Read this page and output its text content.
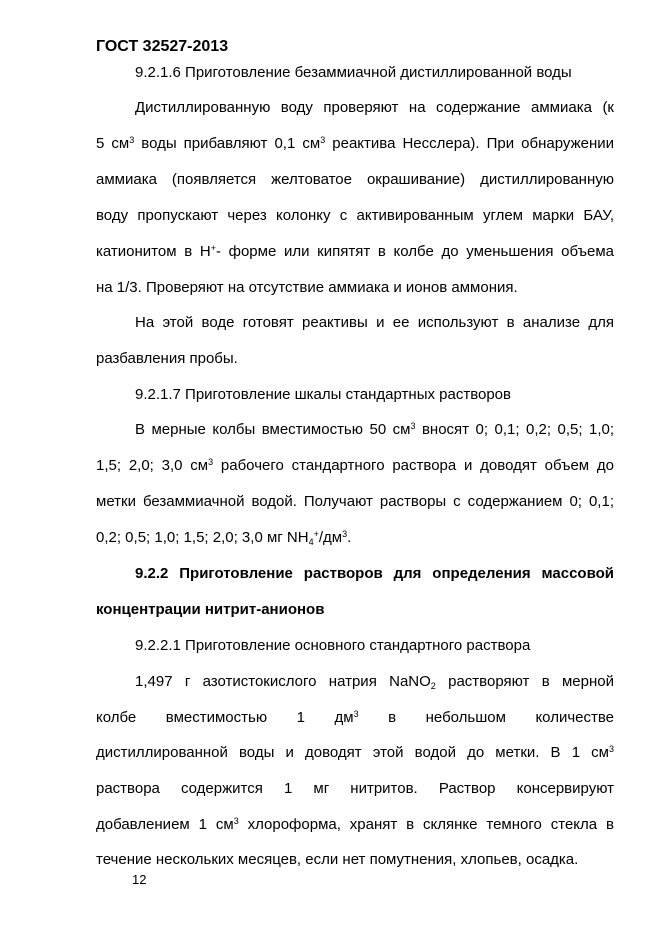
ГОСТ 32527-2013
9.2.1.6 Приготовление безаммиачной дистиллированной воды
Дистиллированную воду проверяют на содержание аммиака (к
5 $см^3$ воды прибавляют 0,1 $см^3$ реактива Несслера). При обнаружении
аммиака (появляется желтоватое окрашивание) дистиллированную
воду пропускают через колонку с активированным углем марки БАУ,
катионитом в Н+- форме или кипятят в колбе до уменьшения объема
на 1/3. Проверяют на отсутствие аммиака и ионов аммония.
На этой воде готовят реактивы и ее используют в анализе для
разбавления пробы.
9.2.1.7 Приготовление шкалы стандартных растворов
В мерные колбы вместимостью 50 $см^3$ вносят 0; 0,1; 0,2; 0,5; 1,0;
1,5; 2,0; 3,0 $см^3$ рабочего стандартного раствора и доводят объем до
метки безаммиачной водой. Получают растворы с содержанием 0; 0,1;
0,2; 0,5; 1,0; 1,5; 2,0; 3,0 мг $NH_4^+/дм^3$.
9.2.2 Приготовление растворов для определения массовой
концентрации нитрит-анионов
9.2.2.1 Приготовление основного стандартного раствора
1,497 г азотистокислого натрия NaNO$_2$ растворяют в мерной
колбе вместимостью 1 $дм^3$ в небольшом количестве
дистиллированной воды и доводят этой водой до метки. В 1 $см^3$
раствора содержится 1 мг нитритов. Раствор консервируют
добавлением 1 $см^3$ хлороформа, хранят в склянке темного стекла в
течение нескольких месяцев, если нет помутнения, хлопьев, осадка.
12
